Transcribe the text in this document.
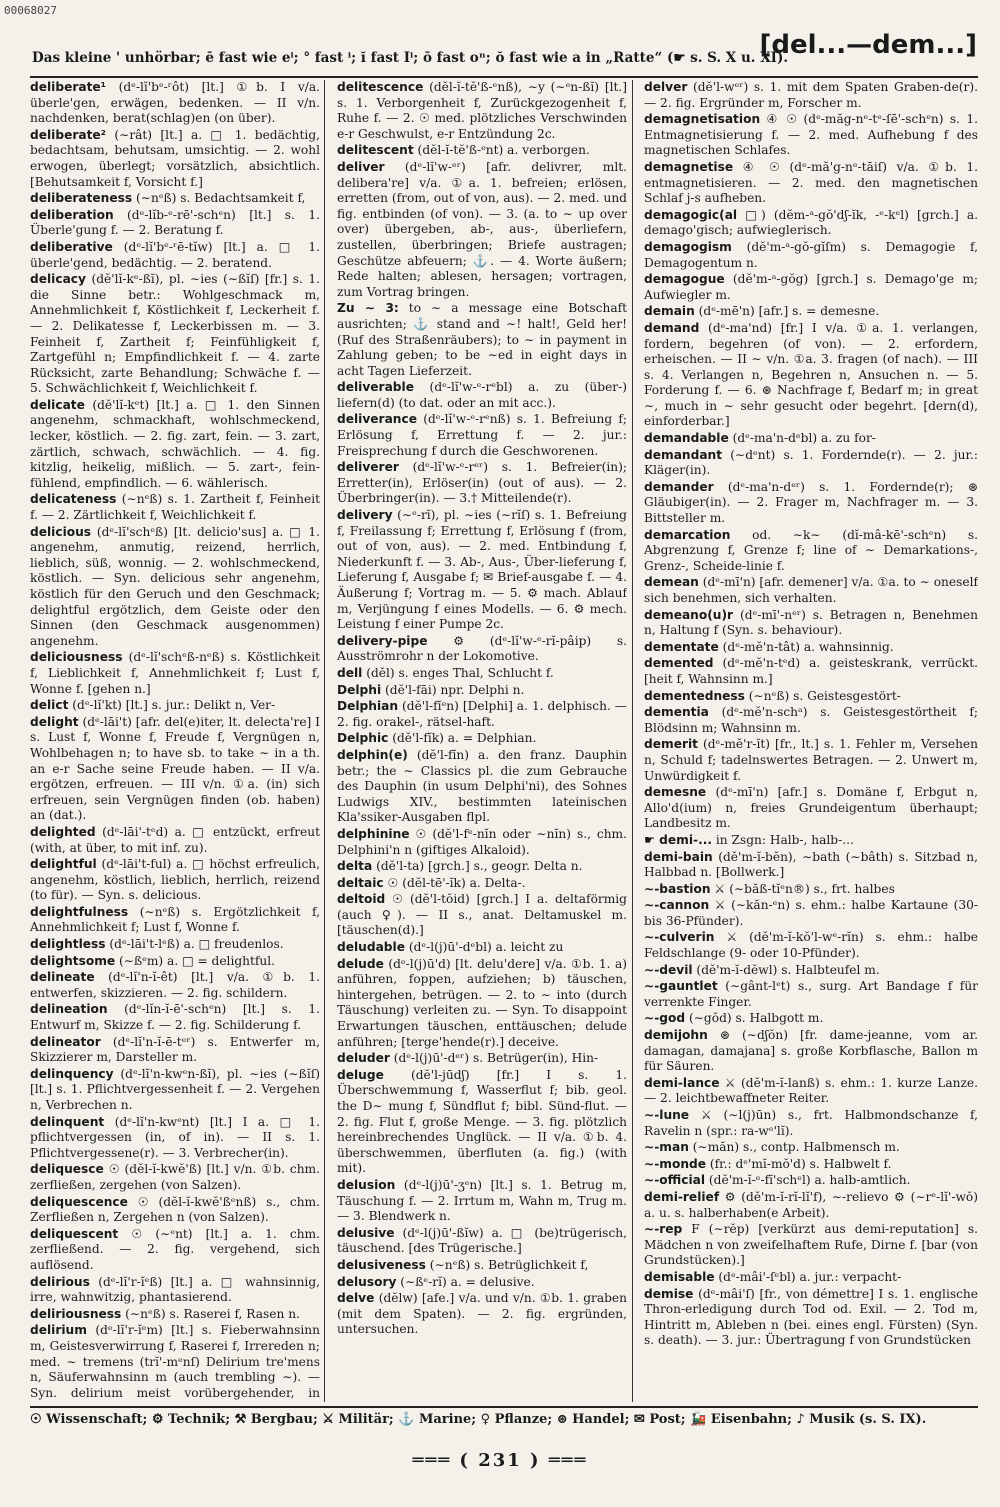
00068027
Das kleine ' unhörbar; ē fast wie eⁱ; ° fast ⁱ; ĭ fast Iⁱ; ō fast oⁿ; ŏ fast wie a in „Ratte“ (☛ s. S. X u. XI).
[del...—dem...]
deliberate¹ (dᵉ-lĭ'bᵉ-ʳôt) [lt.] ①b. I v/a. überle'gen, erwägen, bedenken. — II v/n. nachdenken, berat(schlag)en (on über).
deliberate² (∼rât) [lt.] a. □ 1. bedächtig, bedachtsam, behutsam, umsichtig. — 2. wohl erwogen, überlegt; vorsätzlich, absichtlich. [Behutsamkeit f, Vorsicht f.]
deliberateness (∼nᵉß) s. Bedachtsamkeit f,
deliberation (dᵉ-lĭb-ᵉ-rē'-schᵉn) [lt.] s. 1. Überle'gung f. — 2. Beratung f.
deliberative (dᵉ-lĭ'bᵉ-ʳē-tĭw) [lt.] a. □ 1. überle'gend, bedächtig. — 2. beratend.
delicacy (dĕ'lĭ-kᵉ-ßĭ), pl. ∼ies (∼ßĭſ) [fr.] s. 1. die Sinne betr.: Wohlgeschmack m, Annehmlichkeit f, Köstlichkeit f, Leckerheit f. — 2. Delikatesse f, Leckerbissen m. — 3. Feinheit f, Zartheit f; Feinfühligkeit f, Zartgefühl n; Empfindlichkeit f. — 4. zarte Rücksicht, zarte Behandlung; Schwäche f. — 5. Schwächlichkeit f, Weichlichkeit f.
delicate (dĕ'lĭ-kᵉt) [lt.] a. □ 1. den Sinnen angenehm, schmackhaft, wohlschmeckend, lecker, köstlich. — 2. fig. zart, fein. — 3. zart, zärtlich, schwach, schwächlich. — 4. fig. kitzlig, heikelig, mißlich. — 5. zart-, fein-fühlend, empfindlich. — 6. wählerisch.
delicateness (∼nᵉß) s. 1. Zartheit f, Feinheit f. — 2. Zärtlichkeit f, Weichlichkeit f.
delicious (dᵉ-lĭ'schᵉß) [lt. delicio'sus] a. □ 1. angenehm, anmutig, reizend, herrlich, lieblich, süß, wonnig. — 2. wohlschmeckend, köstlich. — Syn. delicious sehr angenehm, köstlich für den Geruch und den Geschmack; delightful ergötzlich, dem Geiste oder den Sinnen (den Geschmack ausgenommen) angenehm.
deliciousness (dᵉ-lĭ'schᵉß-nᵉß) s. Köstlichkeit f, Lieblichkeit f, Annehmlichkeit f; Lust f, Wonne f. [gehen n.]
delict (dᵉ-lĭ'kt) [lt.] s. jur.: Delikt n, Ver-
delight (dᵉ-lāi't) [afr. del(e)iter, lt. delecta're] I s. Lust f, Wonne f, Freude f, Vergnügen n, Wohlbehagen n; to have sb. to take ∼ in a th. an e-r Sache seine Freude haben. — II v/a. ergötzen, erfreuen. — III v/n. ①a. (in) sich erfreuen, sein Vergnügen finden (ob. haben) an (dat.).
delighted (dᵉ-lāi'-tᵉd) a. □ entzückt, erfreut (with, at über, to mit inf. zu).
delightful (dᵉ-lāi't-ful) a. □ höchst erfreulich, angenehm, köstlich, lieblich, herrlich, reizend (to für). — Syn. s. delicious.
delightfulness (∼nᵉß) s. Ergötzlichkeit f, Annehmlichkeit f; Lust f, Wonne f.
delightless (dᵉ-lāi't-lᵉß) a. □ freudenlos.
delightsome (∼ßᵉm) a. □ = delightful.
delineate (dᵉ-lĭ'n-ĭ-êt) [lt.] v/a. ①b. 1. entwerfen, skizzieren. — 2. fig. schildern.
delineation (dᵉ-lĭn-ĭ-ē'-schᵉn) [lt.] s. 1. Entwurf m, Skizze f. — 2. fig. Schilderung f.
delineator (dᵉ-lĭ'n-ĭ-ē-tᵉʳ) s. Entwerfer m, Skizzierer m, Darsteller m.
delinquency (dᵉ-lĭ'n-kwᵉn-ßĭ), pl. ∼ies (∼ßĭſ) [lt.] s. 1. Pflichtvergessenheit f. — 2. Vergehen n, Verbrechen n.
delinquent (dᵉ-lĭ'n-kwᵉnt) [lt.] I a. □ 1. pflichtvergessen (in, of in). — II s. 1. Pflichtvergessene(r). — 3. Verbrecher(in).
deliquesce ☉ (dĕl-ĭ-kwĕ'ß) [lt.] v/n. ①b. chm. zerfließen, zergehen (von Salzen).
deliquescence ☉ (dĕl-ĭ-kwĕ'ßᵉnß) s., chm. Zerfließen n, Zergehen n (von Salzen).
deliquescent ☉ (∼ᵉnt) [lt.] a. 1. chm. zerfließend. — 2. fig. vergehend, sich auflösend.
delirious (dᵉ-lĭ'r-ĭᵉß) [lt.] a. □ wahnsinnig, irre, wahnwitzig, phantasierend.
deliriousness (∼nᵉß) s. Raserei f, Rasen n.
delirium (dᵉ-lĭ'r-ĭᵉm) [lt.] s. Fieberwahnsinn m, Geistesverwirrung f, Raserei f, Irrereden n; med. ∼ tremens (trĭ'-mᵉnſ) Delirium tre'mens n, Säuferwahnsinn m (auch trembling ∼). — Syn. delirium meist vorübergehender, in
delitescence (dĕl-ĭ-tĕ'ß-ᵉnß), ∼y (∼ᵉn-ßĭ) [lt.] s. 1. Verborgenheit f, Zurückgezogenheit f, Ruhe f. — 2. ☉ med. plötzliches Verschwinden e-r Geschwulst, e-r Entzündung 2c.
delitescent (dĕl-ĭ-tĕ'ß-ᵉnt) a. verborgen.
deliver (dᵉ-lĭ'w-ᵉʳ) [afr. delivrer, mlt. delibera're] v/a. ①a. 1. befreien; erlösen, erretten (from, out of von, aus). — 2. med. und fig. entbinden (of von). — 3. (a. to ∼ up over over) übergeben, ab-, aus-, überliefern, zustellen, überbringen; Briefe austragen; Geschütze abfeuern; ⚓. — 4. Worte äußern; Rede halten; ablesen, hersagen; vortragen, zum Vortrag bringen.
Zu ∼ 3: to ∼ a message eine Botschaft ausrichten; ⚓ stand and ∼! halt!, Geld her! (Ruf des Straßenräubers); to ∼ in payment in Zahlung geben; to be ∼ed in eight days in acht Tagen Lieferzeit.
deliverable (dᵉ-lĭ'w-ᵉ-rᵉbl) a. zu (über-) liefern(d) (to dat. oder an mit acc.).
deliverance (dᵉ-lĭ'w-ᵉ-rᵉnß) s. 1. Befreiung f; Erlösung f, Errettung f. — 2. jur.: Freisprechung f durch die Geschworenen.
deliverer (dᵉ-lĭ'w-ᵉ-rᵉʳ) s. 1. Befreier(in); Erretter(in), Erlöser(in) (out of aus). — 2. Überbringer(in). — 3.† Mitteilende(r).
delivery (∼ᵉ-rĭ), pl. ∼ies (∼rĭſ) s. 1. Befreiung f, Freilassung f; Errettung f, Erlösung f (from, out of von, aus). — 2. med. Entbindung f, Niederkunft f. — 3. Ab-, Aus-, Über-lieferung f, Lieferung f, Ausgabe f; ✉ Brief-ausgabe f. — 4. Äußerung f; Vortrag m. — 5. ⚙ mach. Ablauf m, Verjüngung f eines Modells. — 6. ⚙ mech. Leistung f einer Pumpe 2c.
delivery-pipe ⚙ (dᵉ-lĭ'w-ᵉ-rĭ-pâip) s. Ausströmrohr n der Lokomotive.
dell (dĕl) s. enges Thal, Schlucht f.
Delphi (dĕ'l-fāi) npr. Delphi n.
Delphian (dĕ'l-fĭᵉn) [Delphi] a. 1. delphisch. — 2. fig. orakel-, rätsel-haft.
Delphic (dĕ'l-fĭk) a. = Delphian.
delphin(e) (dĕ'l-fĭn) a. den franz. Dauphin betr.; the ∼ Classics pl. die zum Gebrauche des Dauphin (in usum Delphi'ni), des Sohnes Ludwigs XIV., bestimmten lateinischen Kla'ssiker-Ausgaben flpl.
delphinine ☉ (dĕ'l-fᵉ-nĭn oder ∼nĭn) s., chm. Delphini'n n (giftiges Alkaloid).
delta (dĕ'l-ta) [grch.] s., geogr. Delta n.
deltaic ☉ (dĕl-tē'-ĭk) a. Delta-.
deltoid ☉ (dĕ'l-tŏid) [grch.] I a. deltaförmig (auch ♀). — II s., anat. Deltamuskel m. [täuschen(d).]
deludable (dᵉ-l(j)ū'-dᵉbl) a. leicht zu
delude (dᵉ-l(j)ū'd) [lt. delu'dere] v/a. ①b. 1. a) anführen, foppen, aufziehen; b) täuschen, hintergehen, betrügen. — 2. to ∼ into (durch Täuschung) verleiten zu. — Syn. To disappoint Erwartungen täuschen, enttäuschen; delude anführen; [terge'hende(r).] deceive.
deluder (dᵉ-l(j)ū'-dᵉʳ) s. Betrüger(in), Hin-
deluge (dĕ'l-jūdʃ) [fr.] I s. 1. Überschwemmung f, Wasserflut f; bib. geol. the D∼ mung f, Sündflut f; bibl. Sünd-flut. — 2. fig. Flut f, große Menge. — 3. fig. plötzlich hereinbrechendes Unglück. — II v/a. ①b. 4. überschwemmen, überfluten (a. fig.) (with mit).
delusion (dᵉ-l(j)ū'-ʒᵉn) [lt.] s. 1. Betrug m, Täuschung f. — 2. Irrtum m, Wahn m, Trug m. — 3. Blendwerk n.
delusive (dᵉ-l(j)ū'-ßĭw) a. □ (be)trügerisch, täuschend. [des Trügerische.]
delusiveness (∼nᵉß) s. Betrüglichkeit f,
delusory (∼ßᵉ-rĭ) a. = delusive.
delve (dĕlw) [afe.] v/a. und v/n. ①b. 1. graben (mit dem Spaten). — 2. fig. ergründen, untersuchen.
delver (dĕ'l-wᵉʳ) s. 1. mit dem Spaten Graben-de(r). — 2. fig. Ergründer m, Forscher m.
demagnetisation ④ ☉ (dᵉ-măg-nᵉ-tᵉ-ſē'-schᵉn) s. 1. Entmagnetisierung f. — 2. med. Aufhebung f des magnetischen Schlafes.
demagnetise ④ ☉ (dᵉ-mă'g-nᵉ-tāiſ) v/a. ①b. 1. entmagnetisieren. — 2. med. den magnetischen Schlaf j-s aufheben.
demagogic(al □) (dĕm-ᵃ-gŏ'dʃ-ĭk, -ᵉ-kᵉl) [grch.] a. demago'gisch; aufwieglerisch.
demagogism (dĕ'm-ᵃ-gŏ-gĭſm) s. Demagogie f, Demagogentum n.
demagogue (dĕ'm-ᵃ-gŏg) [grch.] s. Demago'ge m; Aufwiegler m.
demain (dᵉ-mē'n) [afr.] s. = demesne.
demand (dᵉ-ma'nd) [fr.] I v/a. ①a. 1. verlangen, fordern, begehren (of von). — 2. erfordern, erheischen. — II ∼ v/n. ①a. 3. fragen (of nach). — III s. 4. Verlangen n, Begehren n, Ansuchen n. — 5. Forderung f. — 6. ⊛ Nachfrage f, Bedarf m; in great ∼, much in ∼ sehr gesucht oder begehrt. [dern(d), einforderbar.]
demandable (dᵉ-ma'n-dᵉbl) a. zu for-
demandant (∼dᵉnt) s. 1. Fordernde(r). — 2. jur.: Kläger(in).
demander (dᵉ-ma'n-dᵉʳ) s. 1. Fordernde(r); ⊛ Gläubiger(in). — 2. Frager m, Nachfrager m. — 3. Bittsteller m.
demarcation od. ∼k∼ (dĭ-mâ-kē'-schᵉn) s. Abgrenzung f, Grenze f; line of ∼ Demarkations-, Grenz-, Scheide-linie f.
demean (dᵉ-mī'n) [afr. demener] v/a. ①a. to ∼ oneself sich benehmen, sich verhalten.
demeano(u)r (dᵉ-mī'-nᵉʳ) s. Betragen n, Benehmen n, Haltung f (Syn. s. behaviour).
dementate (dᵉ-mĕ'n-tât) a. wahnsinnig.
demented (dᵉ-mĕ'n-tᵉd) a. geisteskrank, verrückt. [heit f, Wahnsinn m.]
dementedness (∼nᵉß) s. Geistesgestört-
dementia (dᵉ-mĕ'n-schᵃ) s. Geistesgestörtheit f; Blödsinn m; Wahnsinn m.
demerit (dᵉ-mĕ'r-ĭt) [fr., lt.] s. 1. Fehler m, Versehen n, Schuld f; tadelnswertes Betragen. — 2. Unwert m, Unwürdigkeit f.
demesne (dᵉ-mī'n) [afr.] s. Domäne f, Erbgut n, Allo'd(ium) n, freies Grundeigentum überhaupt; Landbesitz m.
☛ demi-... in Zsgn: Halb-, halb-...
demi-bain (dĕ'm-ĭ-bĕn), ∼bath (∼bâth) s. Sitzbad n, Halbbad n. [Bollwerk.]
∼-bastion ⚔ (∼băß-tĭᵉn®) s., frt. halbes
∼-cannon ⚔ (∼kăn-ᵉn) s. ehm.: halbe Kartaune (30- bis 36-Pfünder).
∼-culverin ⚔ (dĕ'm-ĭ-kŏ'l-wᵉ-rĭn) s. ehm.: halbe Feldschlange (9- oder 10-Pfünder).
∼-devil (dĕ'm-ĭ-dĕwl) s. Halbteufel m.
∼-gauntlet (∼gânt-lᵉt) s., surg. Art Bandage f für verrenkte Finger.
∼-god (∼gŏd) s. Halbgott m.
demijohn ⊛ (∼dʃŏn) [fr. dame-jeanne, vom ar. damagan, damajana] s. große Korbflasche, Ballon m für Säuren.
demi-lance ⚔ (dĕ'm-ĭ-lanß) s. ehm.: 1. kurze Lanze. — 2. leichtbewaffneter Reiter.
∼-lune ⚔ (∼l(j)ūn) s., frt. Halbmondschanze f, Ravelin n (spr.: ra-wᵉ'lĭ).
∼-man (∼măn) s., contp. Halbmensch m.
∼-monde (fr.: dᵉ'mĭ-mŏ'd) s. Halbwelt f.
∼-official (dĕ'm-ĭ-ᵉ-fĭ'schᵉl) a. halb-amtlich.
demi-relief ⚙ (dĕ'm-ĭ-rĭ-lĭ'f), ∼-relievo ⚙ (∼rᵉ-lĭ'-wŏ) a. u. s. halberhaben(e Arbeit).
∼-rep F (∼rĕp) [verkürzt aus demi-reputation] s. Mädchen n von zweifelhaftem Rufe, Dirne f. [bar (von Grundstücken).]
demisable (dᵉ-mâi'-ſᵉbl) a. jur.: verpacht-
demise (dᵉ-mâi'ſ) [fr., von démettre] I s. 1. englische Thron-erledigung durch Tod od. Exil. — 2. Tod m, Hintritt m, Ableben n (bei. eines engl. Fürsten) (Syn. s. death). — 3. jur.: Übertragung f von Grundstücken
☉ Wissenschaft; ⚙ Technik; ⚒ Bergbau; ⚔ Militär; ⚓ Marine; ♀ Pflanze; ⊛ Handel; ✉ Post; 🚂 Eisenbahn; ♪ Musik (s. S. IX).
═══ ( 231 ) ═══
